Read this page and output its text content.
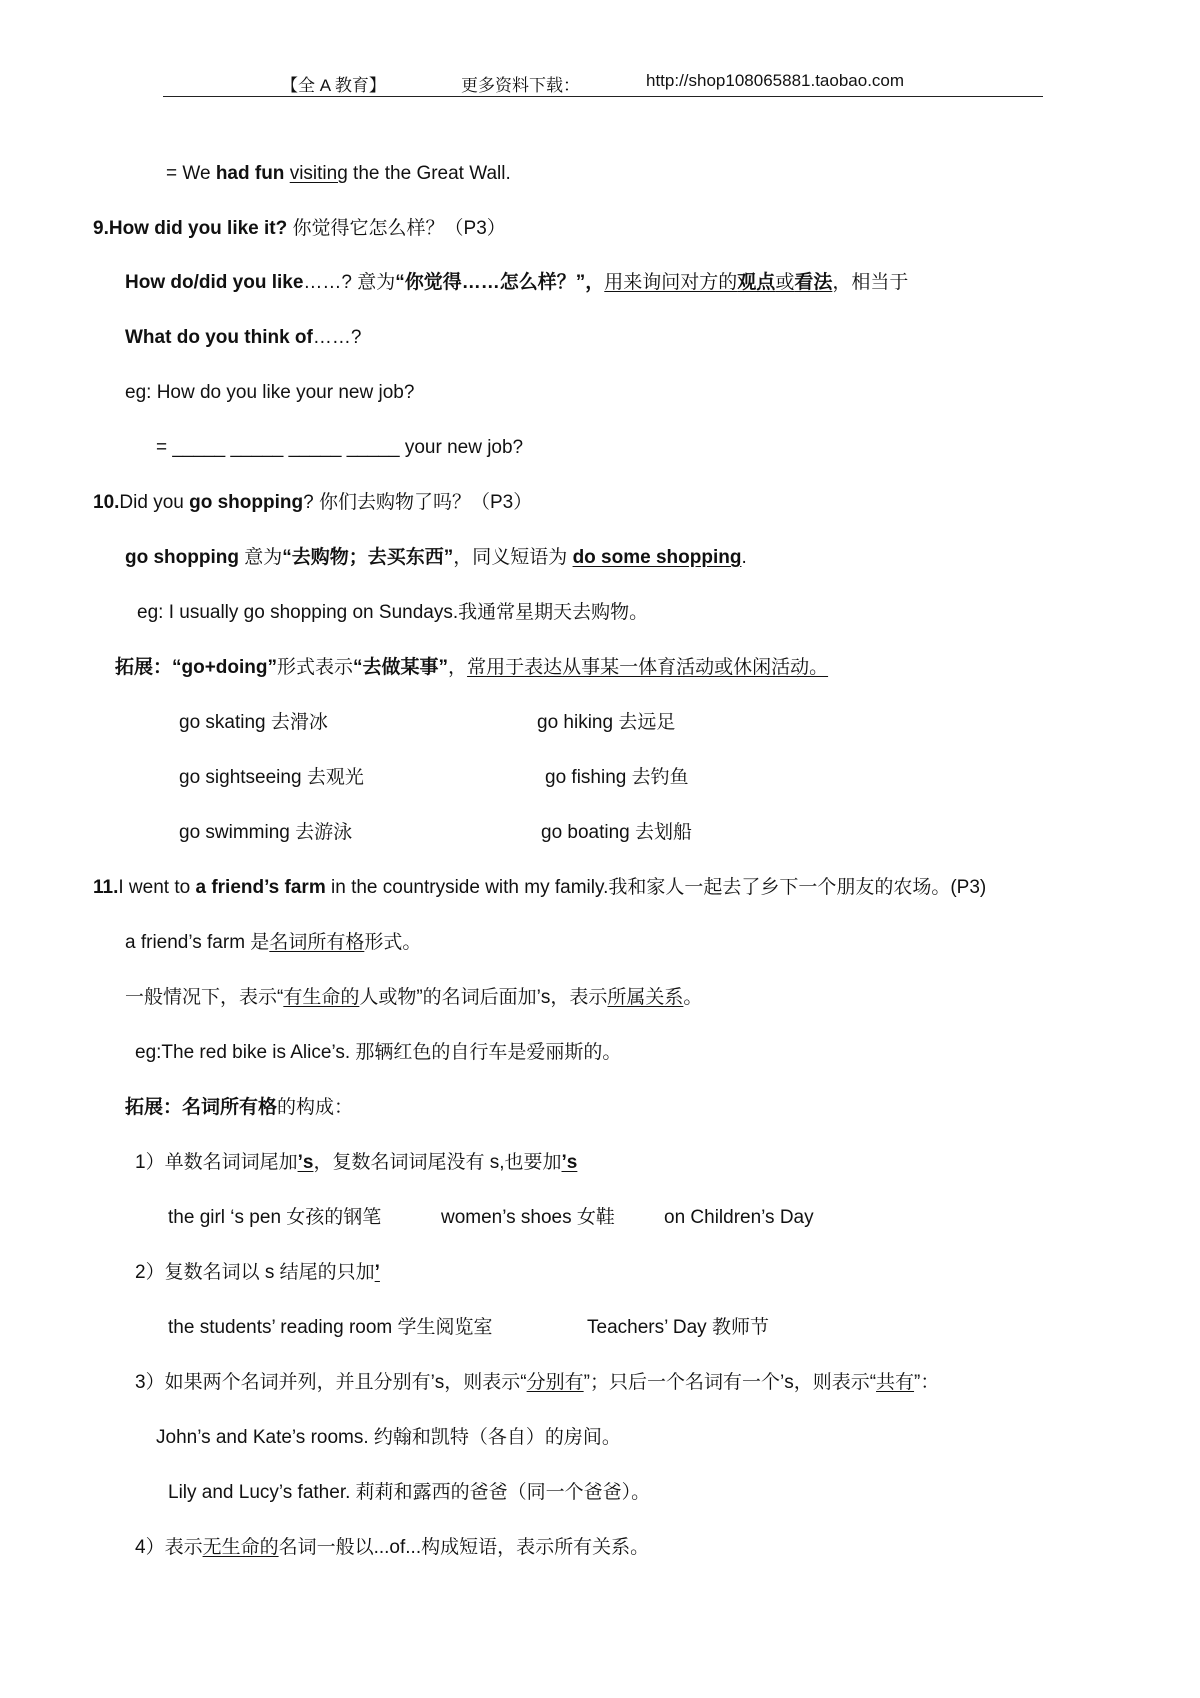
【全 A 教育】	更多资料下载：	http://shop108065881.taobao.com
= We had fun visiting the the Great Wall.
9.How did you like it? 你觉得它怎么样？（P3）
How do/did you like……? 意为“你觉得……怎么样？”，用来询问对方的观点或看法，相当于
What do you think of……?
eg: How do you like your new job?
= _____ _____ _____ _____ your new job?
10.Did you go shopping? 你们去购物了吗？（P3）
go shopping 意为“去购物；去买东西”，同义短语为 do some shopping.
eg: I usually go shopping on Sundays.我通常星期天去购物。
拓展：“go+doing”形式表示“去做某事”，常用于表达从事某一体育活动或休闲活动。
go skating 去滑冰	go hiking 去远足
go sightseeing 去观光	go fishing 去钓鱼
go swimming 去游泳	go boating 去划船
11.I went to a friend’s farm in the countryside with my family.我和家人一起去了乡下一个朋友的农场。(P3)
a friend’s farm 是名词所有格形式。
一般情况下，表示“有生命的人或物”的名词后面加’s，表示所属关系。
eg:The red bike is Alice’s. 那辆红色的自行车是爱丽斯的。
拓展：名词所有格的构成：
1）单数名词词尾加’s，复数名词词尾没有 s,也要加’s
the girl ‘s pen 女孩的钢笔	women’s shoes 女鞋	on Children’s Day
2）复数名词以 s 结尾的只加’
the students’ reading room 学生阅览室	Teachers’ Day 教师节
3）如果两个名词并列，并且分别有’s，则表示“分别有”；只后一个名词有一个’s，则表示“共有”：
John’s and Kate’s rooms. 约翰和凯特（各自）的房间。
Lily and Lucy’s father. 莉莉和露西的爸爸（同一个爸爸）。
4）表示无生命的名词一般以...of...构成短语，表示所有关系。
